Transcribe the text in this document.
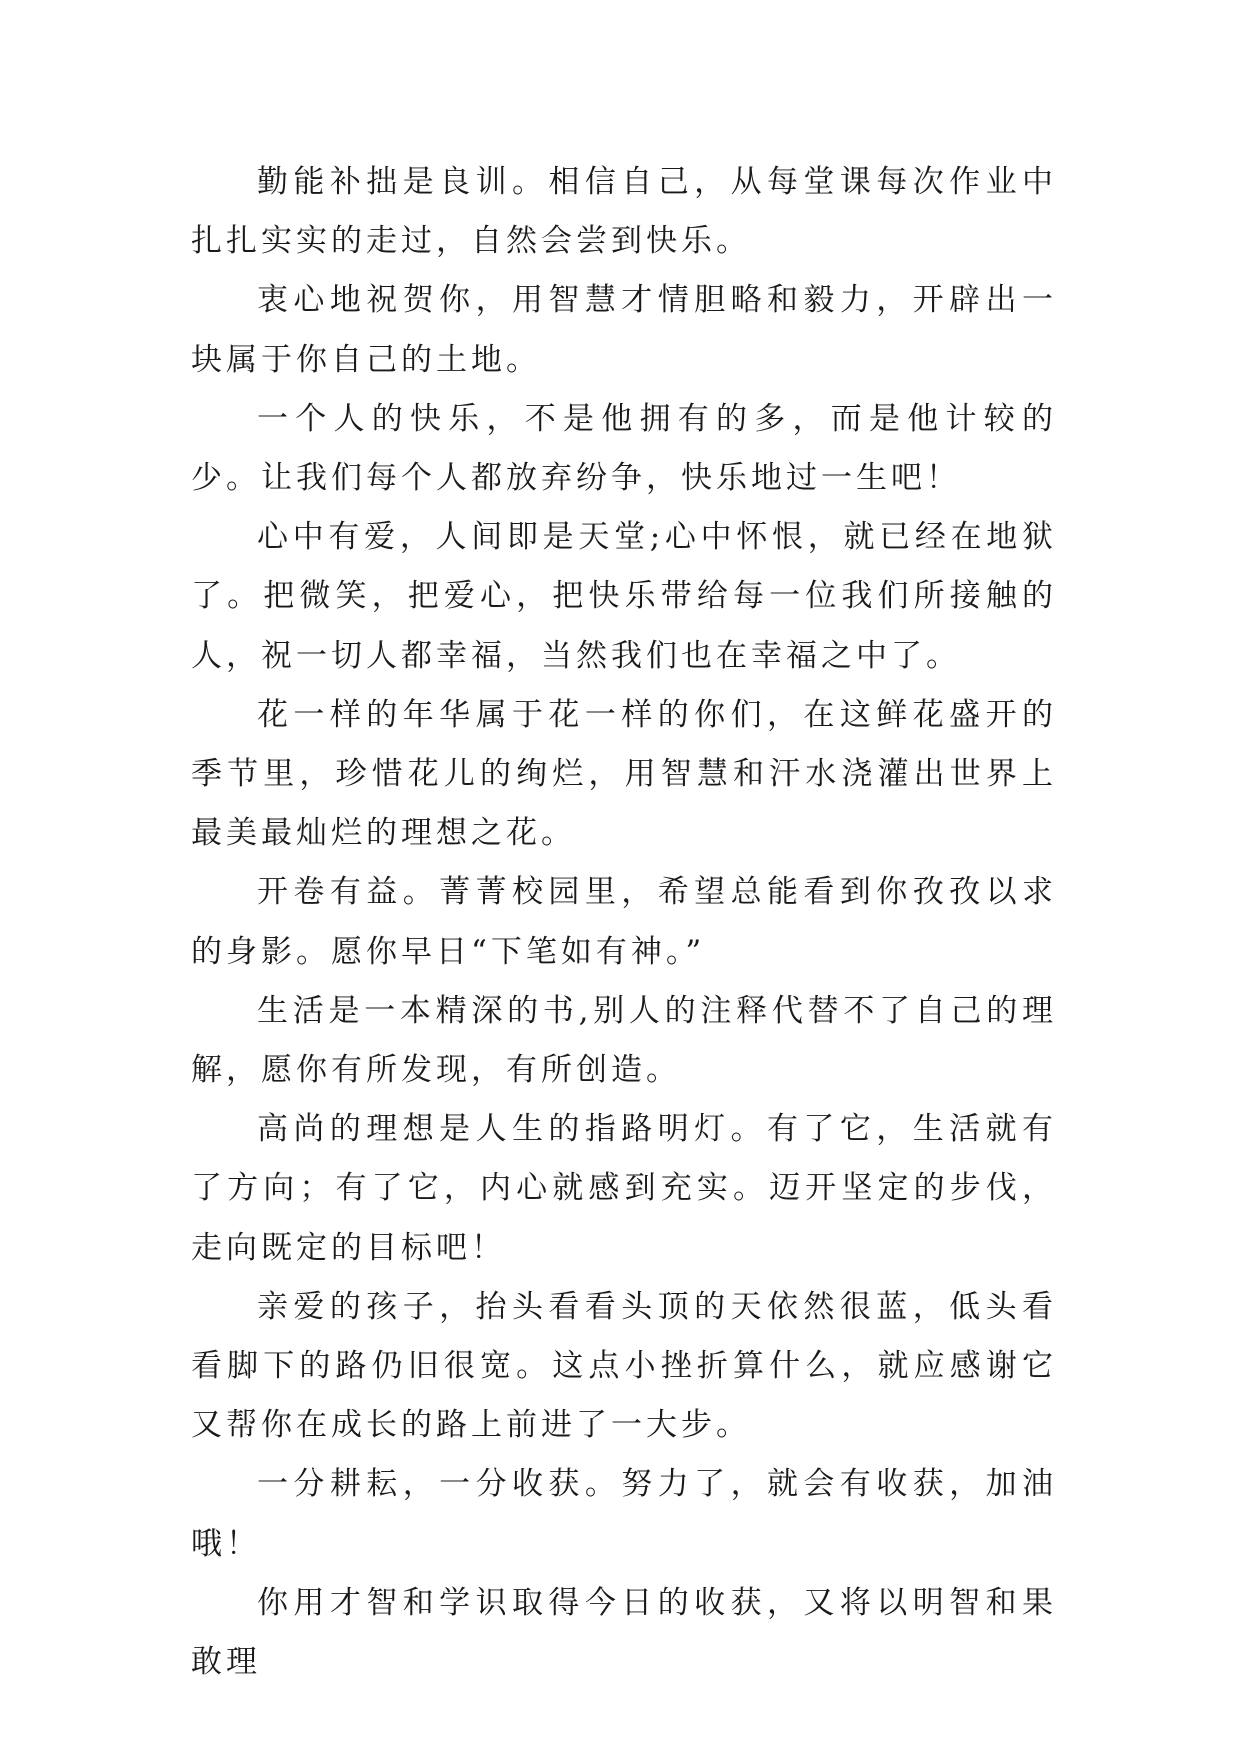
勤能补拙是良训。相信自己，从每堂课每次作业中扎扎实实的走过，自然会尝到快乐。

衷心地祝贺你，用智慧才情胆略和毅力，开辟出一块属于你自己的土地。

一个人的快乐，不是他拥有的多，而是他计较的少。让我们每个人都放弃纷争，快乐地过一生吧！

心中有爱，人间即是天堂;心中怀恨，就已经在地狱了。把微笑，把爱心，把快乐带给每一位我们所接触的人，祝一切人都幸福，当然我们也在幸福之中了。

花一样的年华属于花一样的你们，在这鲜花盛开的季节里，珍惜花儿的绚烂，用智慧和汗水浇灌出世界上最美最灿烂的理想之花。

开卷有益。菁菁校园里，希望总能看到你孜孜以求的身影。愿你早日“下笔如有神。”

生活是一本精深的书,别人的注释代替不了自己的理解，愿你有所发现，有所创造。

高尚的理想是人生的指路明灯。有了它，生活就有了方向；有了它，内心就感到充实。迈开坚定的步伐，走向既定的目标吧！

亲爱的孩子，抬头看看头顶的天依然很蓝，低头看看脚下的路仍旧很宽。这点小挫折算什么，就应感谢它又帮你在成长的路上前进了一大步。

一分耕耘，一分收获。努力了，就会有收获，加油哦！

你用才智和学识取得今日的收获，又将以明智和果敢理
